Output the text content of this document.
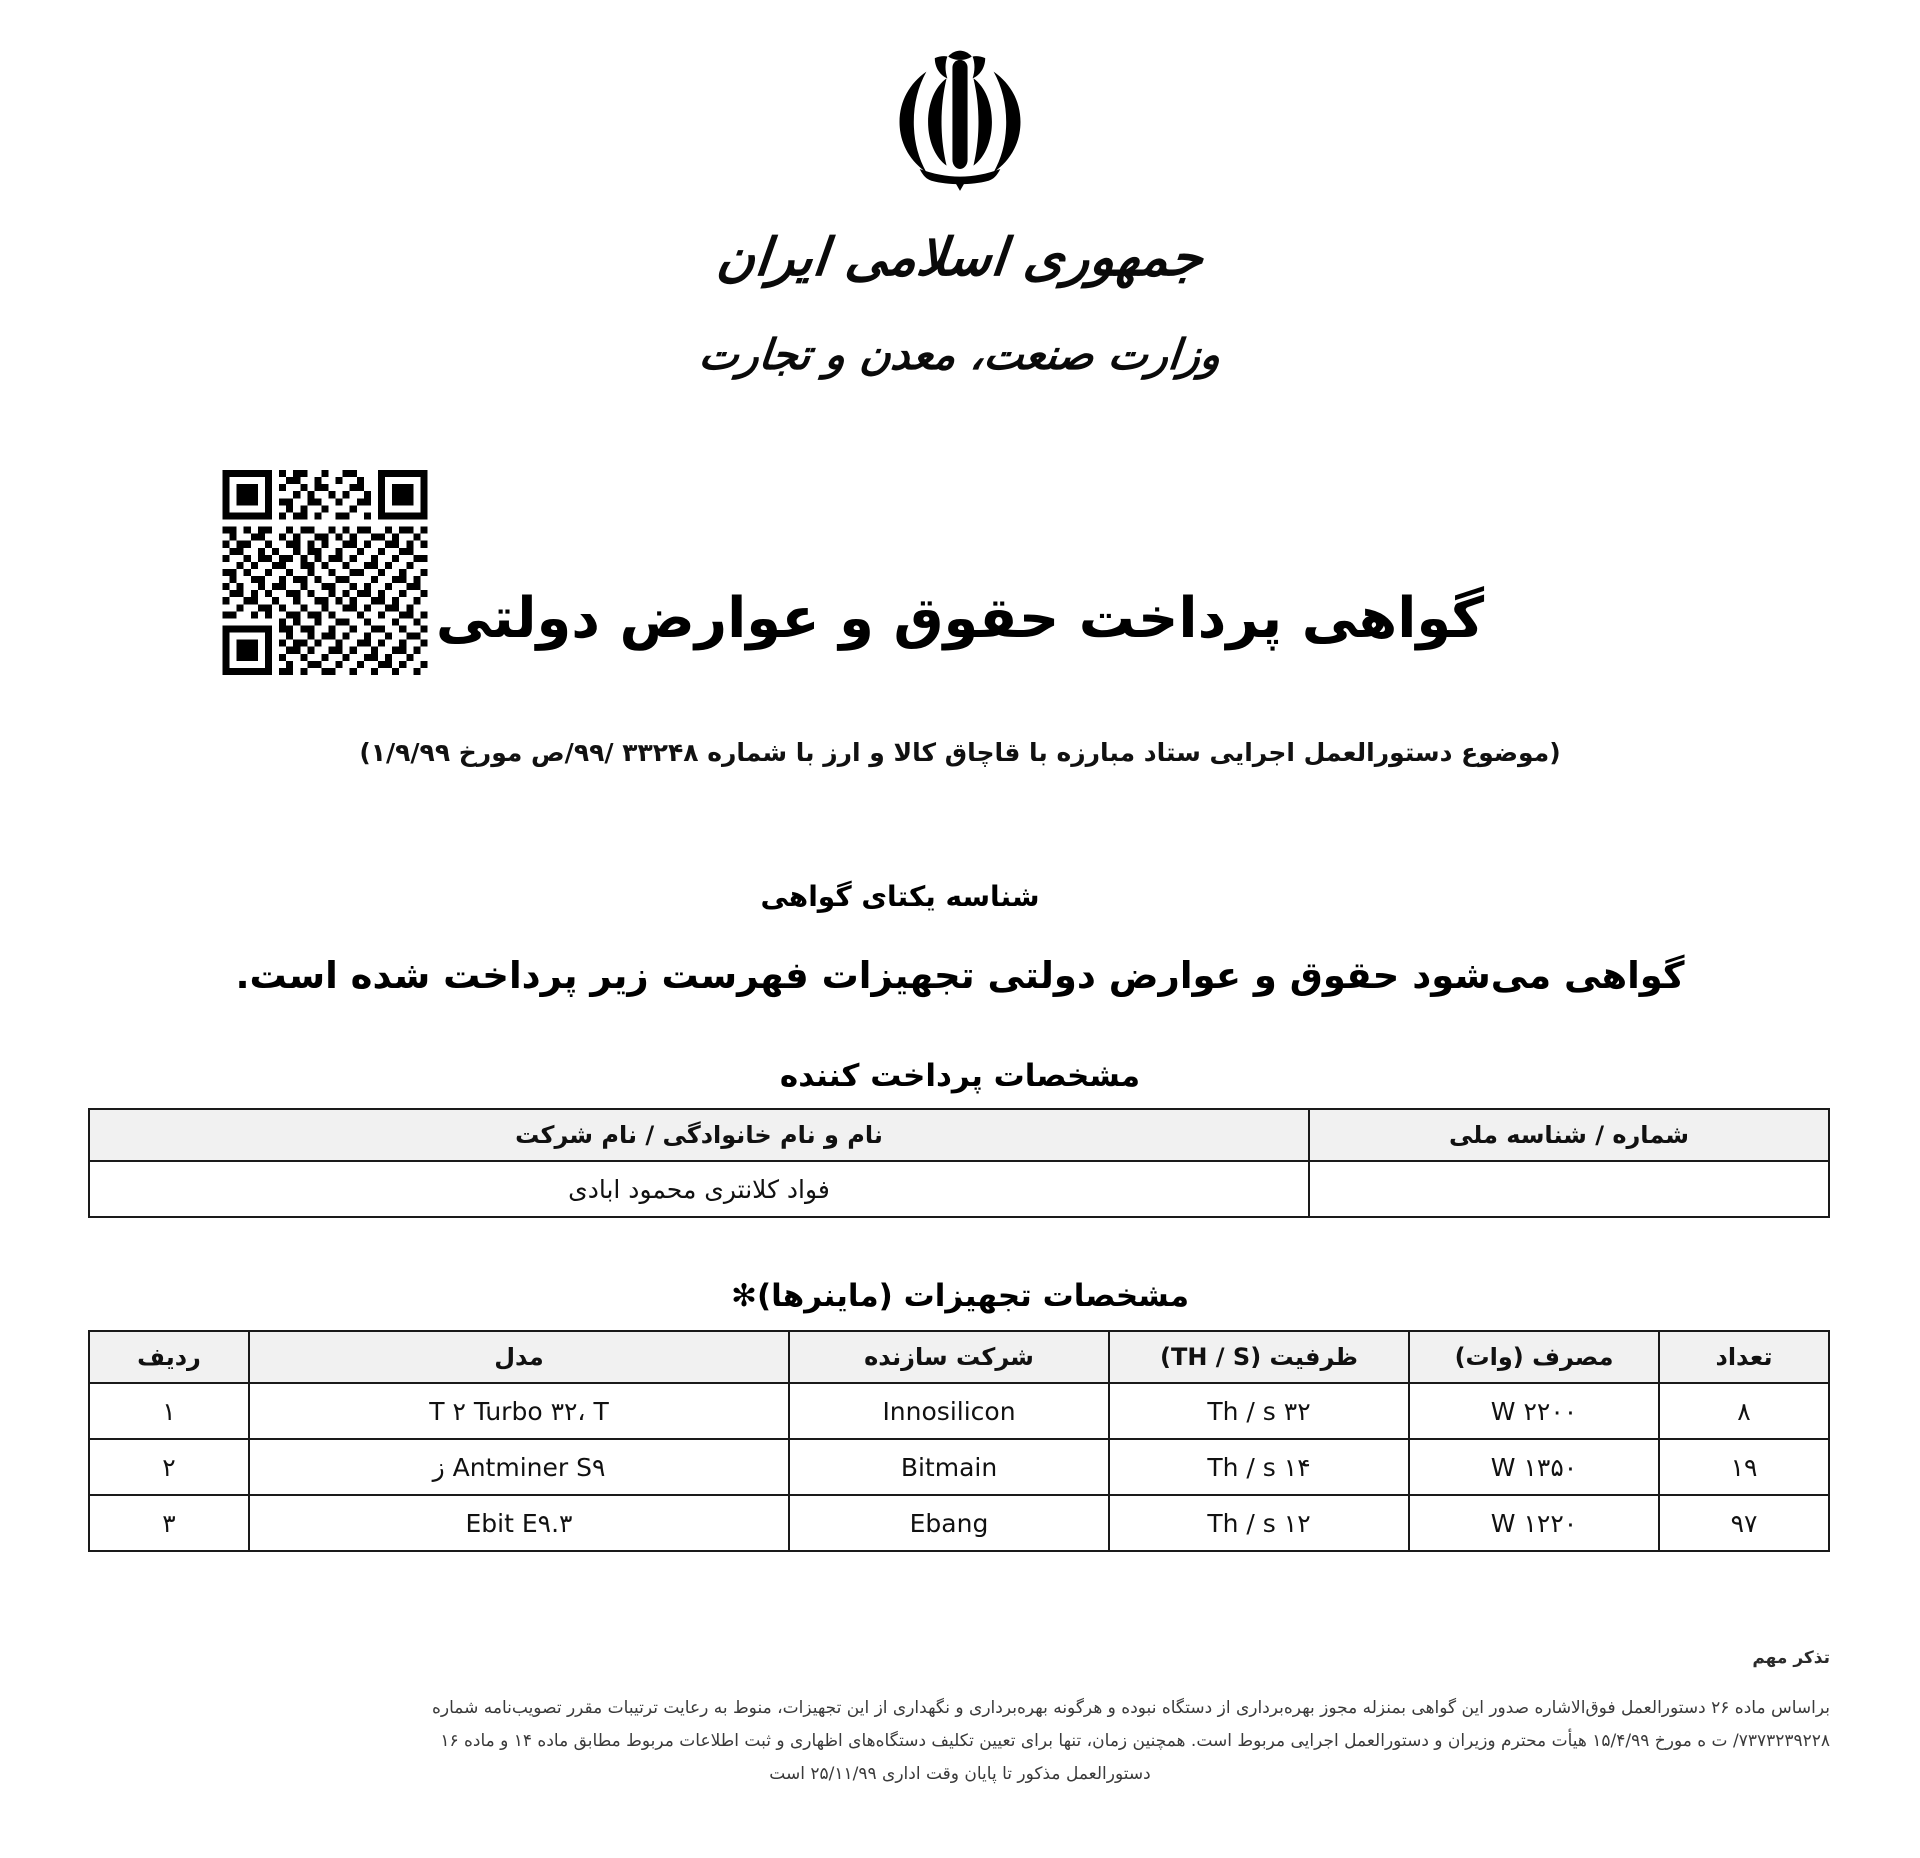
جمهوری اسلامی ایران
وزارت صنعت، معدن و تجارت
گواهی پرداخت حقوق و عوارض دولتی
(موضوع دستورالعمل اجرایی ستاد مبارزه با قاچاق کالا و ارز با شماره ۳۳۲۴۸ /۹۹/ص مورخ ۱/۹/۹۹)
شناسه یکتای گواهی
گواهی می‌شود حقوق و عوارض دولتی تجهیزات فهرست زیر پرداخت شده است.
مشخصات پرداخت کننده
شماره / شناسه ملی	نام و نام خانوادگی / نام شرکت
	فواد کلانتری محمود ابادی
مشخصات تجهیزات (ماینرها)✻
تعداد	مصرف (وات)	ظرفیت (TH / S)	شرکت سازنده	مدل	ردیف
۸	۲۲۰۰ W	۳۲ Th / s	Innosilicon	T ۲ Turbo ۳۲، T	۱
۱۹	۱۳۵۰ W	۱۴ Th / s	Bitmain	Antminer S۹ ز	۲
۹۷	۱۲۲۰ W	۱۲ Th / s	Ebang	Ebit E۹.۳	۳
تذکر مهم

براساس ماده ۲۶ دستورالعمل فوق‌الاشاره صدور این گواهی بمنزله مجوز بهره‌برداری از دستگاه نبوده و هرگونه بهره‌برداری و نگهداری از این تجهیزات، منوط به رعایت ترتیبات مقرر تصویب‌نامه شماره

۷۳۷۳۲۳۹۲۲۸/ ت ه مورخ ۱۵/۴/۹۹ هیأت محترم وزیران و دستورالعمل اجرایی مربوط است. همچنین زمان، تنها برای تعیین تکلیف دستگاه‌های اظهاری و ثبت اطلاعات مربوط مطابق ماده ۱۴ و ماده ۱۶

دستورالعمل مذکور تا پایان وقت اداری ۲۵/۱۱/۹۹ است
